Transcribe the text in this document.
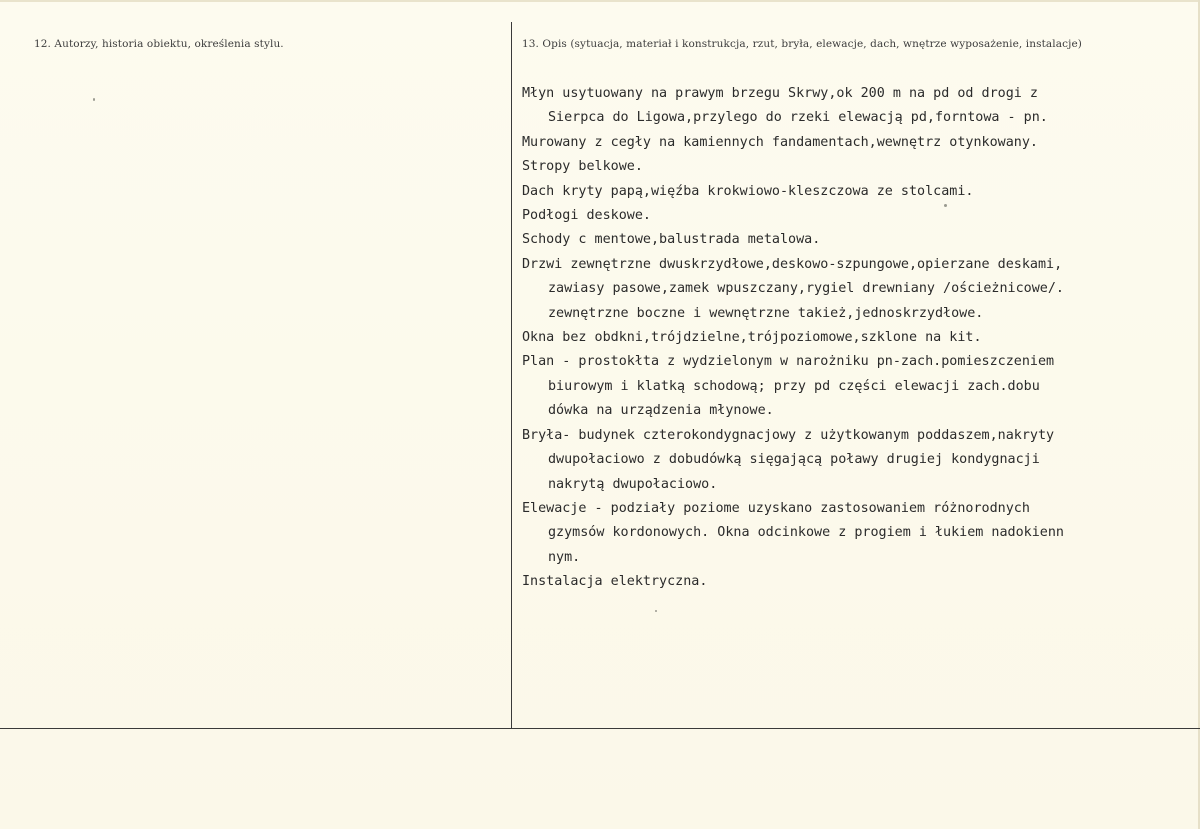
12. Autorzy, historia obiektu, określenia stylu.	13. Opis (sytuacja, materiał i konstrukcja, rzut, bryła, elewacje, dach, wnętrze wyposażenie, instalacje)
Młyn usytuowany na prawym brzegu Skrwy,ok 200 m na pd od drogi z
Sierpca do Ligowa,przylego do rzeki elewacją pd,forntowa - pn.
Murowany z cegły na kamiennych fandamentach,wewnętrz otynkowany.
Stropy belkowe.
Dach kryty papą,więźba krokwiowo-kleszczowa ze stolcami.
Podłogi deskowe.
Schody c mentowe,balustrada metalowa.
Drzwi zewnętrzne dwuskrzydłowe,deskowo-szpungowe,opierzane deskami,
zawiasy pasowe,zamek wpuszczany,rygiel drewniany /ościeżnicowe/.
zewnętrzne boczne i wewnętrzne takież,jednoskrzydłowe.
Okna bez obdkni,trójdzielne,trójpoziomowe,szklone na kit.
Plan - prostokłta z wydzielonym w narożniku pn-zach.pomieszczeniem
biurowym i klatką schodową; przy pd części elewacji zach.dobu
dówka na urządzenia młynowe.
Bryła- budynek czterokondygnacjowy z użytkowanym poddaszem,nakryty
dwupołaciowo z dobudówką sięgającą poławy drugiej kondygnacji
nakrytą dwupołaciowo.
Elewacje - podziały poziome uzyskano zastosowaniem różnorodnych
gzymsów kordonowych. Okna odcinkowe z progiem i łukiem nadokienn
nym.
Instalacja elektryczna.
